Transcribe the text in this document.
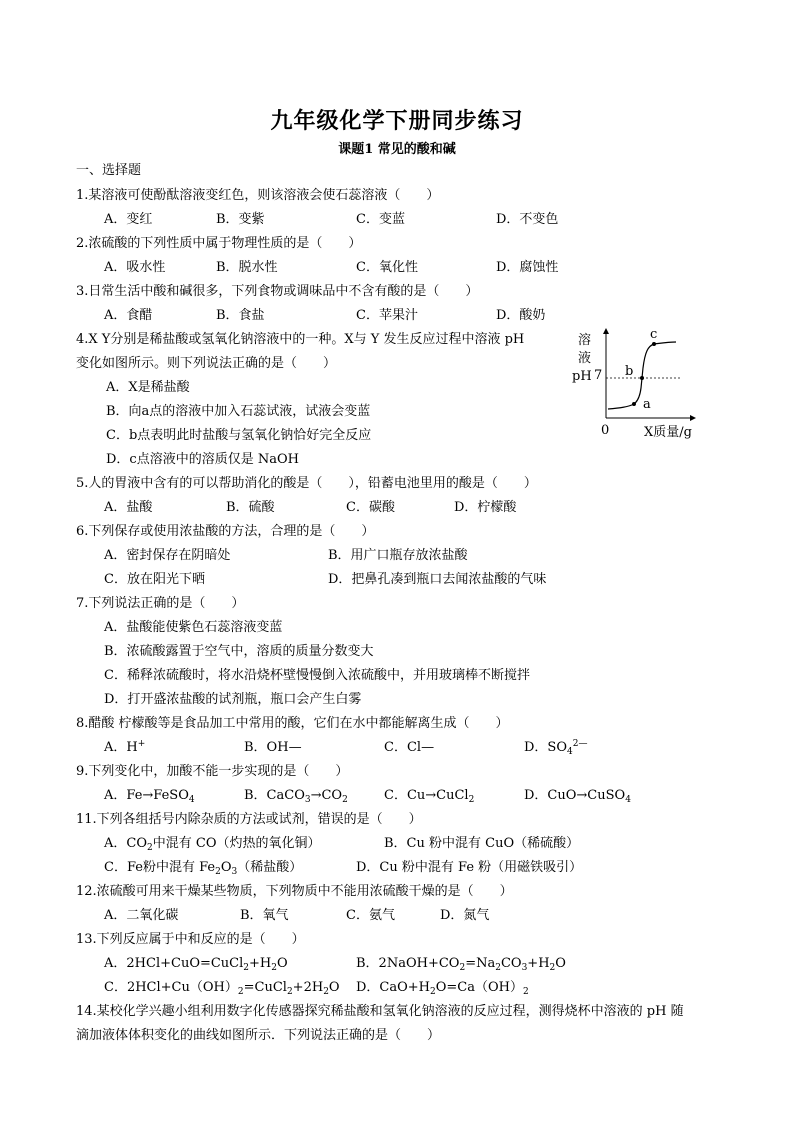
九年级化学下册同步练习
课题1 常见的酸和碱
一、选择题
1.某溶液可使酚酞溶液变红色，则该溶液会使石蕊溶液（　　）
A．变红	B．变紫	C．变蓝	D．不变色
2.浓硫酸的下列性质中属于物理性质的是（　　）
A．吸水性	B．脱水性	C．氧化性	D．腐蚀性
3.日常生活中酸和碱很多，下列食物或调味品中不含有酸的是（　　）
A．食醋	B．食盐	C．苹果汁	D．酸奶
4.X Y分别是稀盐酸或氢氧化钠溶液中的一种。X与 Y 发生反应过程中溶液 pH
变化如图所示。则下列说法正确的是（　　）
A．X是稀盐酸
B．向a点的溶液中加入石蕊试液，试液会变蓝
C．b点表明此时盐酸与氢氧化钠恰好完全反应
D．c点溶液中的溶质仅是 NaOH
溶
液
pH 7
a
b
c
0	X质量/g
5.人的胃液中含有的可以帮助消化的酸是（　　），铅蓄电池里用的酸是（　　）
A．盐酸	B．硫酸	C．碳酸	D．柠檬酸
6.下列保存或使用浓盐酸的方法，合理的是（　　）
A．密封保存在阴暗处	B．用广口瓶存放浓盐酸
C．放在阳光下晒	D．把鼻孔凑到瓶口去闻浓盐酸的气味
7.下列说法正确的是（　　）
A．盐酸能使紫色石蕊溶液变蓝
B．浓硫酸露置于空气中，溶质的质量分数变大
C．稀释浓硫酸时，将水沿烧杯壁慢慢倒入浓硫酸中，并用玻璃棒不断搅拌
D．打开盛浓盐酸的试剂瓶，瓶口会产生白雾
8.醋酸 柠檬酸等是食品加工中常用的酸，它们在水中都能解离生成（　　）
A．H+	B．OH—	C．Cl—	D．$SO_4^{2—}$
9.下列变化中，加酸不能一步实现的是（　　）
A．Fe→FeSO$_4$	B．$CaCO_3\to CO_2$	C．Cu→CuCl$_2$	D．CuO→CuSO$_4$
11.下列各组括号内除杂质的方法或试剂，错误的是（　　）
A．$CO_2$中混有 CO（灼热的氧化铜）	B．Cu 粉中混有 CuO（稀硫酸）
C．Fe粉中混有 $Fe_2O_3$（稀盐酸）	D．Cu 粉中混有 Fe 粉（用磁铁吸引）
12.浓硫酸可用来干燥某些物质，下列物质中不能用浓硫酸干燥的是（　　）
A．二氧化碳	B．氧气	C．氨气	D．氮气
13.下列反应属于中和反应的是（　　）
A．$2HCl+CuO=CuCl_2+H_2O$	B．$2NaOH+CO_2=Na_2CO_3+H_2O$
C．$2HCl+Cu(OH)_2=CuCl_2+2H_2O$ D．$CaO+H_2O=Ca(OH)_2$
14.某校化学兴趣小组利用数字化传感器探究稀盐酸和氢氧化钠溶液的反应过程，测得烧杯中溶液的 pH 随
滴加液体体积变化的曲线如图所示．下列说法正确的是（　　）
